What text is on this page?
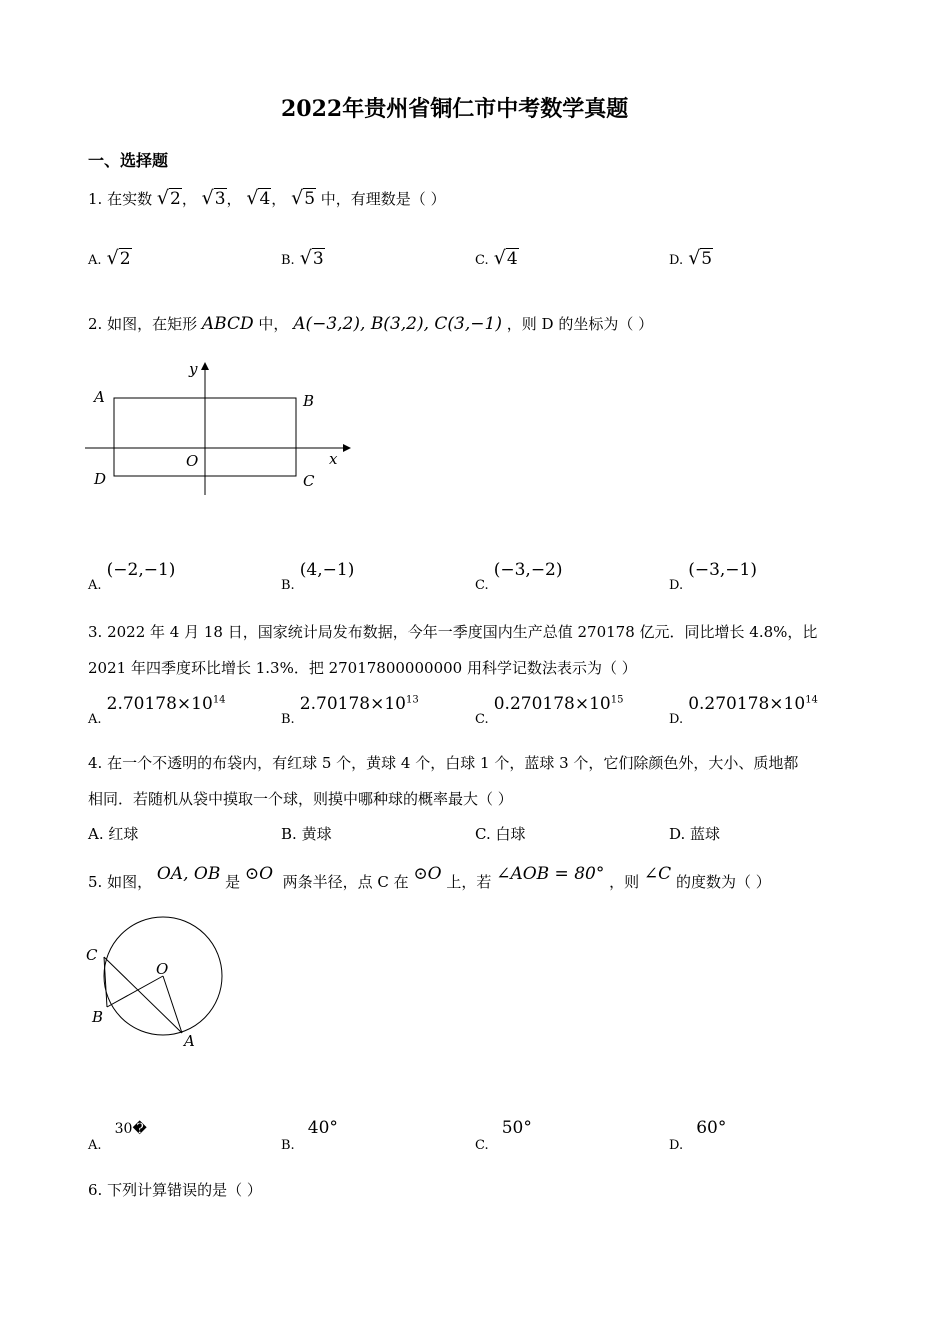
2022年贵州省铜仁市中考数学真题
一、选择题
1. 在实数 √2， √3， √4， √5 中，有理数是（ ）
A. √2	B. √3	C. √4	D. √5
2. 如图，在矩形 ABCD 中， A(−3,2), B(3,2), C(3,−1) ，则 D 的坐标为（ ）
A	B
C
D
O	x
y
$_{A.}$ (−2,−1)
$_{B.}$ (4,−1)
$_{C.}$ (−3,−2)
$_{D.}$ (−3,−1)
3. 2022 年 4 月 18 日，国家统计局发布数据，今年一季度国内生产总值 270178 亿元．同比增长 4.8%，比
2021 年四季度环比增长 1.3%．把 27017800000000 用科学记数法表示为（ ）
$_{A.}$ $2.70178\times 10^{14}$
$_{B.}$ $2.70178\times 10^{13}$
$_{C.}$ $0.270178\times 10^{15}$
$_{D.}$ $0.270178\times 10^{14}$
4. 在一个不透明的布袋内，有红球 5 个，黄球 4 个，白球 1 个，蓝球 3 个，它们除颜色外，大小、质地都
相同．若随机从袋中摸取一个球，则摸中哪种球的概率最大（ ）
A. 红球	B. 黄球	C. 白球	D. 蓝球
5. 如图， OA, OB 是 ⊙O 两条半径，点 C 在 ⊙O 上，若 ∠AOB = 80° ，则 ∠C 的度数为（ ）
C
O
B
A
$_{A.}$ 30�
$_{B.}$ 40°
$_{C.}$ 50°
$_{D.}$ 60°
6. 下列计算错误的是（ ）
